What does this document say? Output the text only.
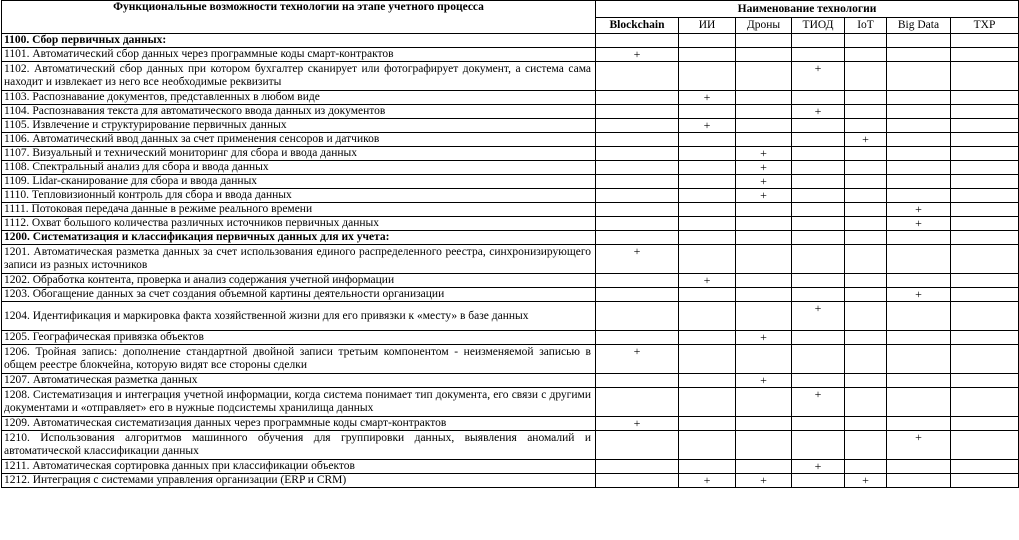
Функциональные возможности технологии на этапе учетного процесса	Наименование технологии						
	Blockchain	ИИ	Дроны	ТИОД	IoT	Big Data	ТХР
1100. Сбор первичных данных:							
1101. Автоматический сбор данных через программные коды смарт-контрактов	+						
1102. Автоматический сбор данных при котором бухгалтер сканирует или фотографирует документ, а система сама находит и извлекает из него все необходимые реквизиты				+			
1103. Распознавание документов, представленных в любом виде		+					
1104. Распознавания текста для автоматического ввода данных из документов				+			
1105. Извлечение и структурирование первичных данных		+					
1106. Автоматический ввод данных за счет применения сенсоров и датчиков					+		
1107. Визуальный и технический мониторинг для сбора и ввода данных			+				
1108. Спектральный анализ для сбора и ввода данных			+				
1109. Lidar-сканирование для сбора и ввода данных			+				
1110. Тепловизионный контроль для сбора и ввода данных			+				
1111. Потоковая передача данные в режиме реального времени						+	
1112. Охват большого количества различных источников первичных данных						+	
1200. Систематизация и классификация первичных данных для их учета:							
1201. Автоматическая разметка данных за счет использования единого распределенного реестра, синхронизирующего записи из разных источников	+						
1202. Обработка контента, проверка и анализ содержания учетной информации		+					
1203. Обогащение данных за счет создания объемной картины деятельности организации						+	
1204. Идентификация и маркировка факта хозяйственной жизни для его привязки к «месту» в базе данных				+			
1205. Географическая привязка объектов			+				
1206. Тройная запись: дополнение стандартной двойной записи третьим компонентом - неизменяемой записью в общем реестре блокчейна, которую видят все стороны сделки	+						
1207. Автоматическая разметка данных			+				
1208. Систематизация и интеграция учетной информации, когда система понимает тип документа, его связи с другими документами и «отправляет» его в нужные подсистемы хранилища данных				+			
1209. Автоматическая систематизация данных через программные коды смарт-контрактов	+						
1210. Использования алгоритмов машинного обучения для группировки данных, выявления аномалий и автоматической классификации данных						+	
1211. Автоматическая сортировка данных при классификации объектов				+			
1212. Интеграция с системами управления организации (ERP и CRM)		+	+		+		
